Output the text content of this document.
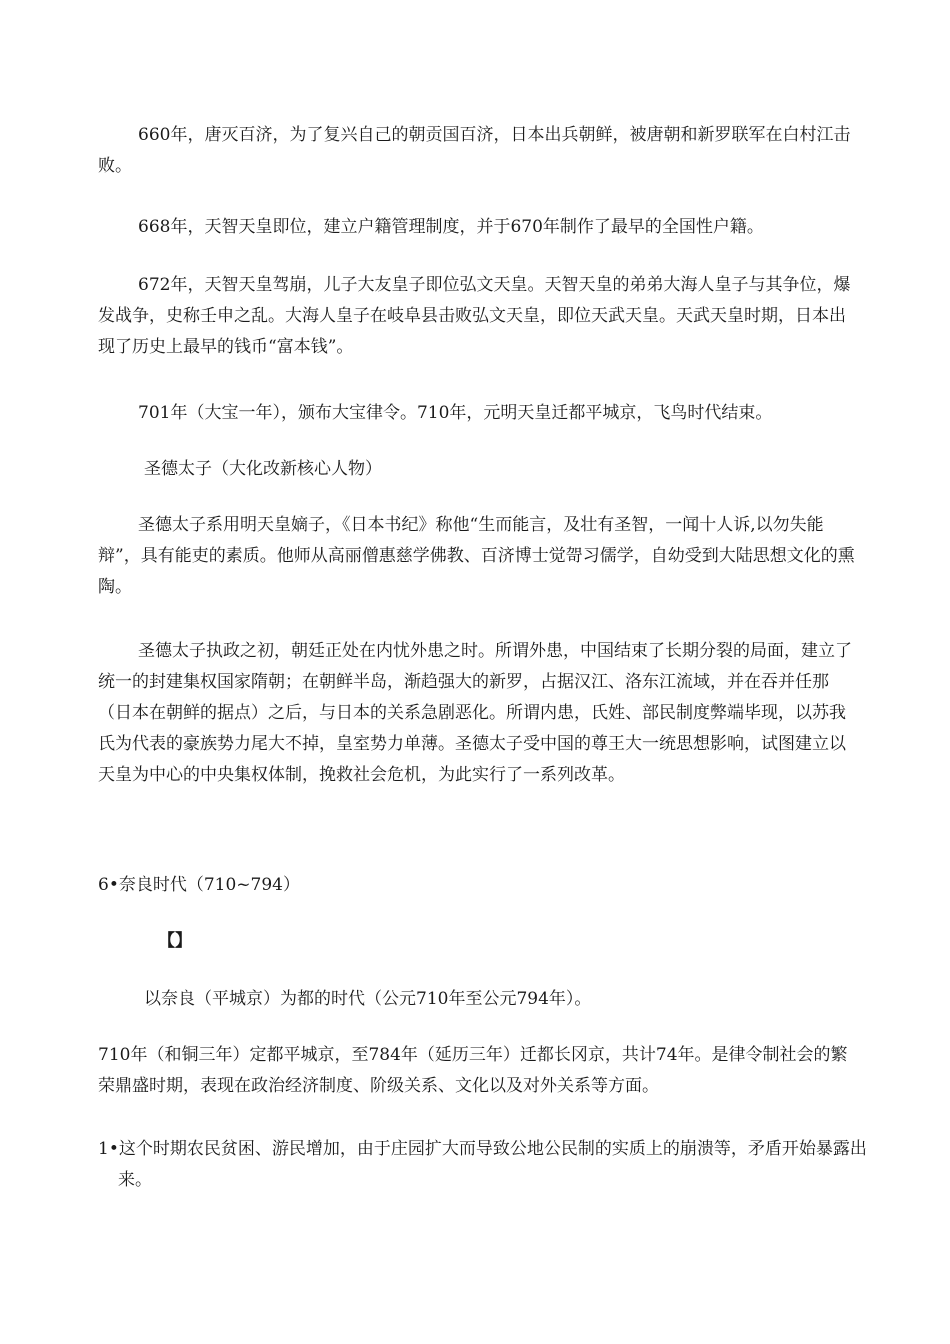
660年，唐灭百济，为了复兴自己的朝贡国百济，日本出兵朝鲜，被唐朝和新罗联军在白村江击败。

668年，天智天皇即位，建立户籍管理制度，并于670年制作了最早的全国性户籍。

672年，天智天皇驾崩，儿子大友皇子即位弘文天皇。天智天皇的弟弟大海人皇子与其争位，爆发战争，史称壬申之乱。大海人皇子在岐阜县击败弘文天皇，即位天武天皇。天武天皇时期，日本出现了历史上最早的钱币“富本钱”。

701年（大宝一年），颁布大宝律令。710年，元明天皇迁都平城京，飞鸟时代结束。

圣德太子（大化改新核心人物）

圣德太子系用明天皇嫡子，《日本书纪》称他“生而能言，及壮有圣智，一闻十人诉,以勿失能辩”，具有能吏的素质。他师从高丽僧惠慈学佛教、百济博士觉哿习儒学，自幼受到大陆思想文化的熏陶。

圣德太子执政之初，朝廷正处在内忧外患之时。所谓外患，中国结束了长期分裂的局面，建立了统一的封建集权国家隋朝；在朝鲜半岛，渐趋强大的新罗，占据汉江、洛东江流域，并在吞并任那（日本在朝鲜的据点）之后，与日本的关系急剧恶化。所谓内患，氏姓、部民制度弊端毕现，以苏我氏为代表的豪族势力尾大不掉，皇室势力单薄。圣德太子受中国的尊王大一统思想影响，试图建立以天皇为中心的中央集权体制，挽救社会危机，为此实行了一系列改革。

6•奈良时代（710~794）

【】

以奈良（平城京）为都的时代（公元710年至公元794年）。

710年（和铜三年）定都平城京，至784年（延历三年）迁都长冈京，共计74年。是律令制社会的繁荣鼎盛时期，表现在政治经济制度、阶级关系、文化以及对外关系等方面。

1•这个时期农民贫困、游民增加，由于庄园扩大而导致公地公民制的实质上的崩溃等，矛盾开始暴露出来。
